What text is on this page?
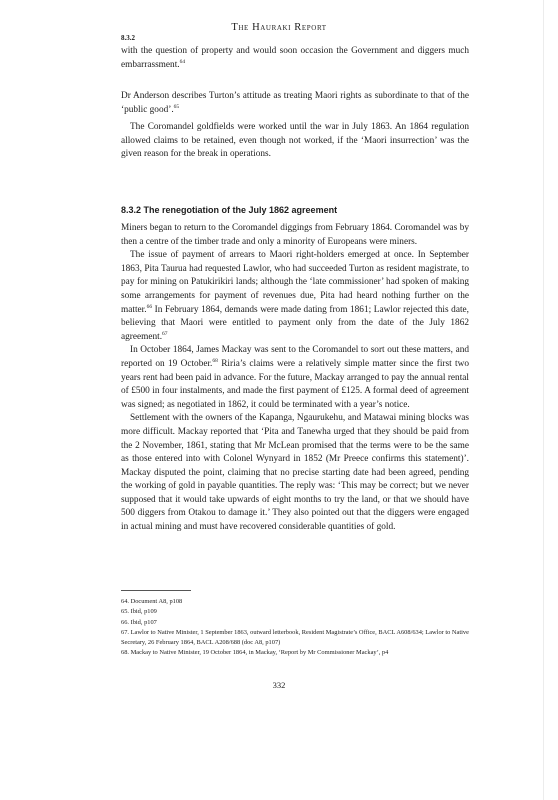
The Hauraki Report
8.3.2

with the question of property and would soon occasion the Government and diggers much embarrassment.$^{64}$

Dr Anderson describes Turton’s attitude as treating Maori rights as subordinate to that of the ‘public good’.$^{65}$

The Coromandel goldfields were worked until the war in July 1863. An 1864 regulation allowed claims to be retained, even though not worked, if the ‘Maori insurrection’ was the given reason for the break in operations.

8.3.2 The renegotiation of the July 1862 agreement

Miners began to return to the Coromandel diggings from February 1864. Coromandel was by then a centre of the timber trade and only a minority of Europeans were miners.

The issue of payment of arrears to Maori right-holders emerged at once. In September 1863, Pita Taurua had requested Lawlor, who had succeeded Turton as resident magistrate, to pay for mining on Patukirikiri lands; although the ‘late commissioner’ had spoken of making some arrangements for payment of revenues due, Pita had heard nothing further on the matter.$^{66}$ In February 1864, demands were made dating from 1861; Lawlor rejected this date, believing that Maori were entitled to payment only from the date of the July 1862 agreement.$^{67}$

In October 1864, James Mackay was sent to the Coromandel to sort out these matters, and reported on 19 October.$^{68}$ Riria’s claims were a relatively simple matter since the first two years rent had been paid in advance. For the future, Mackay arranged to pay the annual rental of £500 in four instalments, and made the first payment of £125. A formal deed of agreement was signed; as negotiated in 1862, it could be terminated with a year’s notice.

Settlement with the owners of the Kapanga, Ngaurukehu, and Matawai mining blocks was more difficult. Mackay reported that ‘Pita and Tanewha urged that they should be paid from the 2 November, 1861, stating that Mr McLean promised that the terms were to be the same as those entered into with Colonel Wynyard in 1852 (Mr Preece confirms this statement)’. Mackay disputed the point, claiming that no precise starting date had been agreed, pending the working of gold in payable quantities. The reply was: ‘This may be correct; but we never supposed that it would take upwards of eight months to try the land, or that we should have 500 diggers from Otakou to damage it.’ They also pointed out that the diggers were engaged in actual mining and must have recovered considerable quantities of gold.

64. Document A8, p108
65. Ibid, p109
66. Ibid, p107
67. Lawlor to Native Minister, 1 September 1863, outward letterbook, Resident Magistrate’s Office, BACL A608/634; Lawlor to Native Secretary, 26 February 1864, BACL A208/688 (doc A8, p107)
68. Mackay to Native Minister, 19 October 1864, in Mackay, ‘Report by Mr Commissioner Mackay’, p4
332
